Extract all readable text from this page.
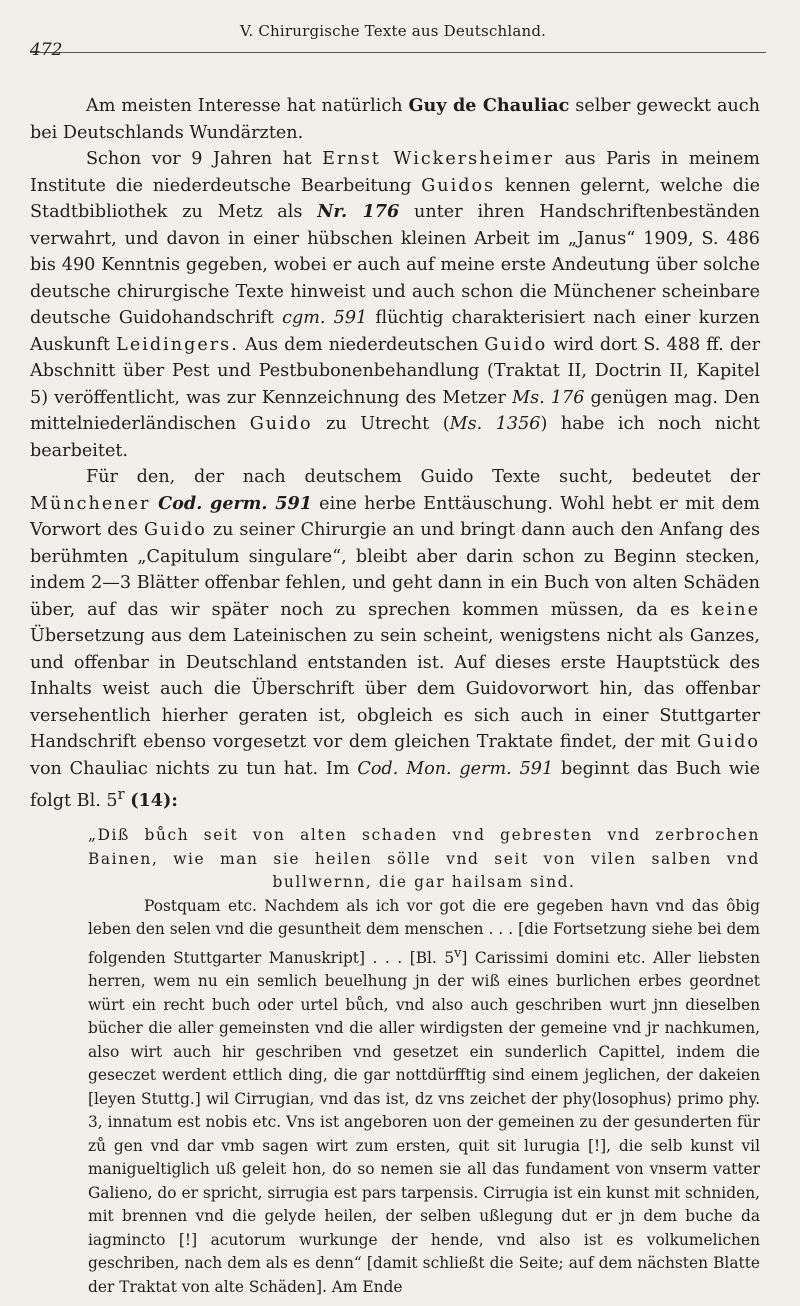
472
V. Chirurgische Texte aus Deutschland.

Am meisten Interesse hat natürlich Guy de Chauliac selber geweckt auch bei Deutschlands Wundärzten.

Schon vor 9 Jahren hat Ernst Wickersheimer aus Paris in meinem Institute die niederdeutsche Bearbeitung Guidos kennen gelernt, welche die Stadtbibliothek zu Metz als Nr. 176 unter ihren Handschriftenbeständen verwahrt, und davon in einer hübschen kleinen Arbeit im „Janus“ 1909, S. 486 bis 490 Kenntnis gegeben, wobei er auch auf meine erste Andeutung über solche deutsche chirurgische Texte hinweist und auch schon die Münchener scheinbare deutsche Guidohandschrift cgm. 591 flüchtig charakterisiert nach einer kurzen Auskunft Leidingers. Aus dem niederdeutschen Guido wird dort S. 488 ff. der Abschnitt über Pest und Pestbubonenbehandlung (Traktat II, Doctrin II, Kapitel 5) veröffentlicht, was zur Kennzeichnung des Metzer Ms. 176 genügen mag. Den mittelniederländischen Guido zu Utrecht (Ms. 1356) habe ich noch nicht bearbeitet.

Für den, der nach deutschem Guido Texte sucht, bedeutet der Münchener Cod. germ. 591 eine herbe Enttäuschung. Wohl hebt er mit dem Vorwort des Guido zu seiner Chirurgie an und bringt dann auch den Anfang des berühmten „Capitulum singulare“, bleibt aber darin schon zu Beginn stecken, indem 2—3 Blätter offenbar fehlen, und geht dann in ein Buch von alten Schäden über, auf das wir später noch zu sprechen kommen müssen, da es keine Übersetzung aus dem Lateinischen zu sein scheint, wenigstens nicht als Ganzes, und offenbar in Deutschland entstanden ist. Auf dieses erste Hauptstück des Inhalts weist auch die Überschrift über dem Guidovorwort hin, das offenbar versehentlich hierher geraten ist, obgleich es sich auch in einer Stuttgarter Handschrift ebenso vorgesetzt vor dem gleichen Traktate findet, der mit Guido von Chauliac nichts zu tun hat. Im Cod. Mon. germ. 591 beginnt das Buch wie folgt Bl. 5$^r$ (14):

„Diß bůch seit von alten schaden vnd gebresten vnd zerbrochen
Bainen, wie man sie heilen sölle vnd seit von vilen salben vnd
bullwernn, die gar hailsam sind.

Postquam etc. Nachdem als ich vor got die ere gegeben havn vnd das ôbig leben den selen vnd die gesuntheit dem menschen . . . [die Fortsetzung siehe bei dem folgenden Stuttgarter Manuskript] . . . [Bl. 5$^v$] Carissimi domini etc. Aller liebsten herren, wem nu ein semlich beuelhung jn der wiß eines burlichen erbes geordnet würt ein recht buch oder urtel bůch, vnd also auch geschriben wurt jnn dieselben bücher die aller gemeinsten vnd die aller wirdigsten der gemeine vnd jr nachkumen, also wirt auch hir geschriben vnd gesetzet ein sunderlich Capittel, indem die geseczet werdent ettlich ding, die gar nottdürfftig sind einem jeglichen, der dakeien [leyen Stuttg.] wil Cirrugian, vnd das ist, dz vns zeichet der phy⟨losophus⟩ primo phy. 3, innatum est nobis etc. Vns ist angeboren uon der gemeinen zu der gesunderten für zů gen vnd dar vmb sagen wirt zum ersten, quit sit lurugia [!], die selb kunst vil manigueltiglich uß geleit hon, do so nemen sie all das fundament von vnserm vatter Galieno, do er spricht, sirrugia est pars tarpensis. Cirrugia ist ein kunst mit schniden, mit brennen vnd die gelyde heilen, der selben ußlegung dut er jn dem buche da iagmincto [!] acutorum wurkunge der hende, vnd also ist es volkumelichen geschriben, nach dem als es denn“ [damit schließt die Seite; auf dem nächsten Blatte der Traktat von alte Schäden]. Am Ende
